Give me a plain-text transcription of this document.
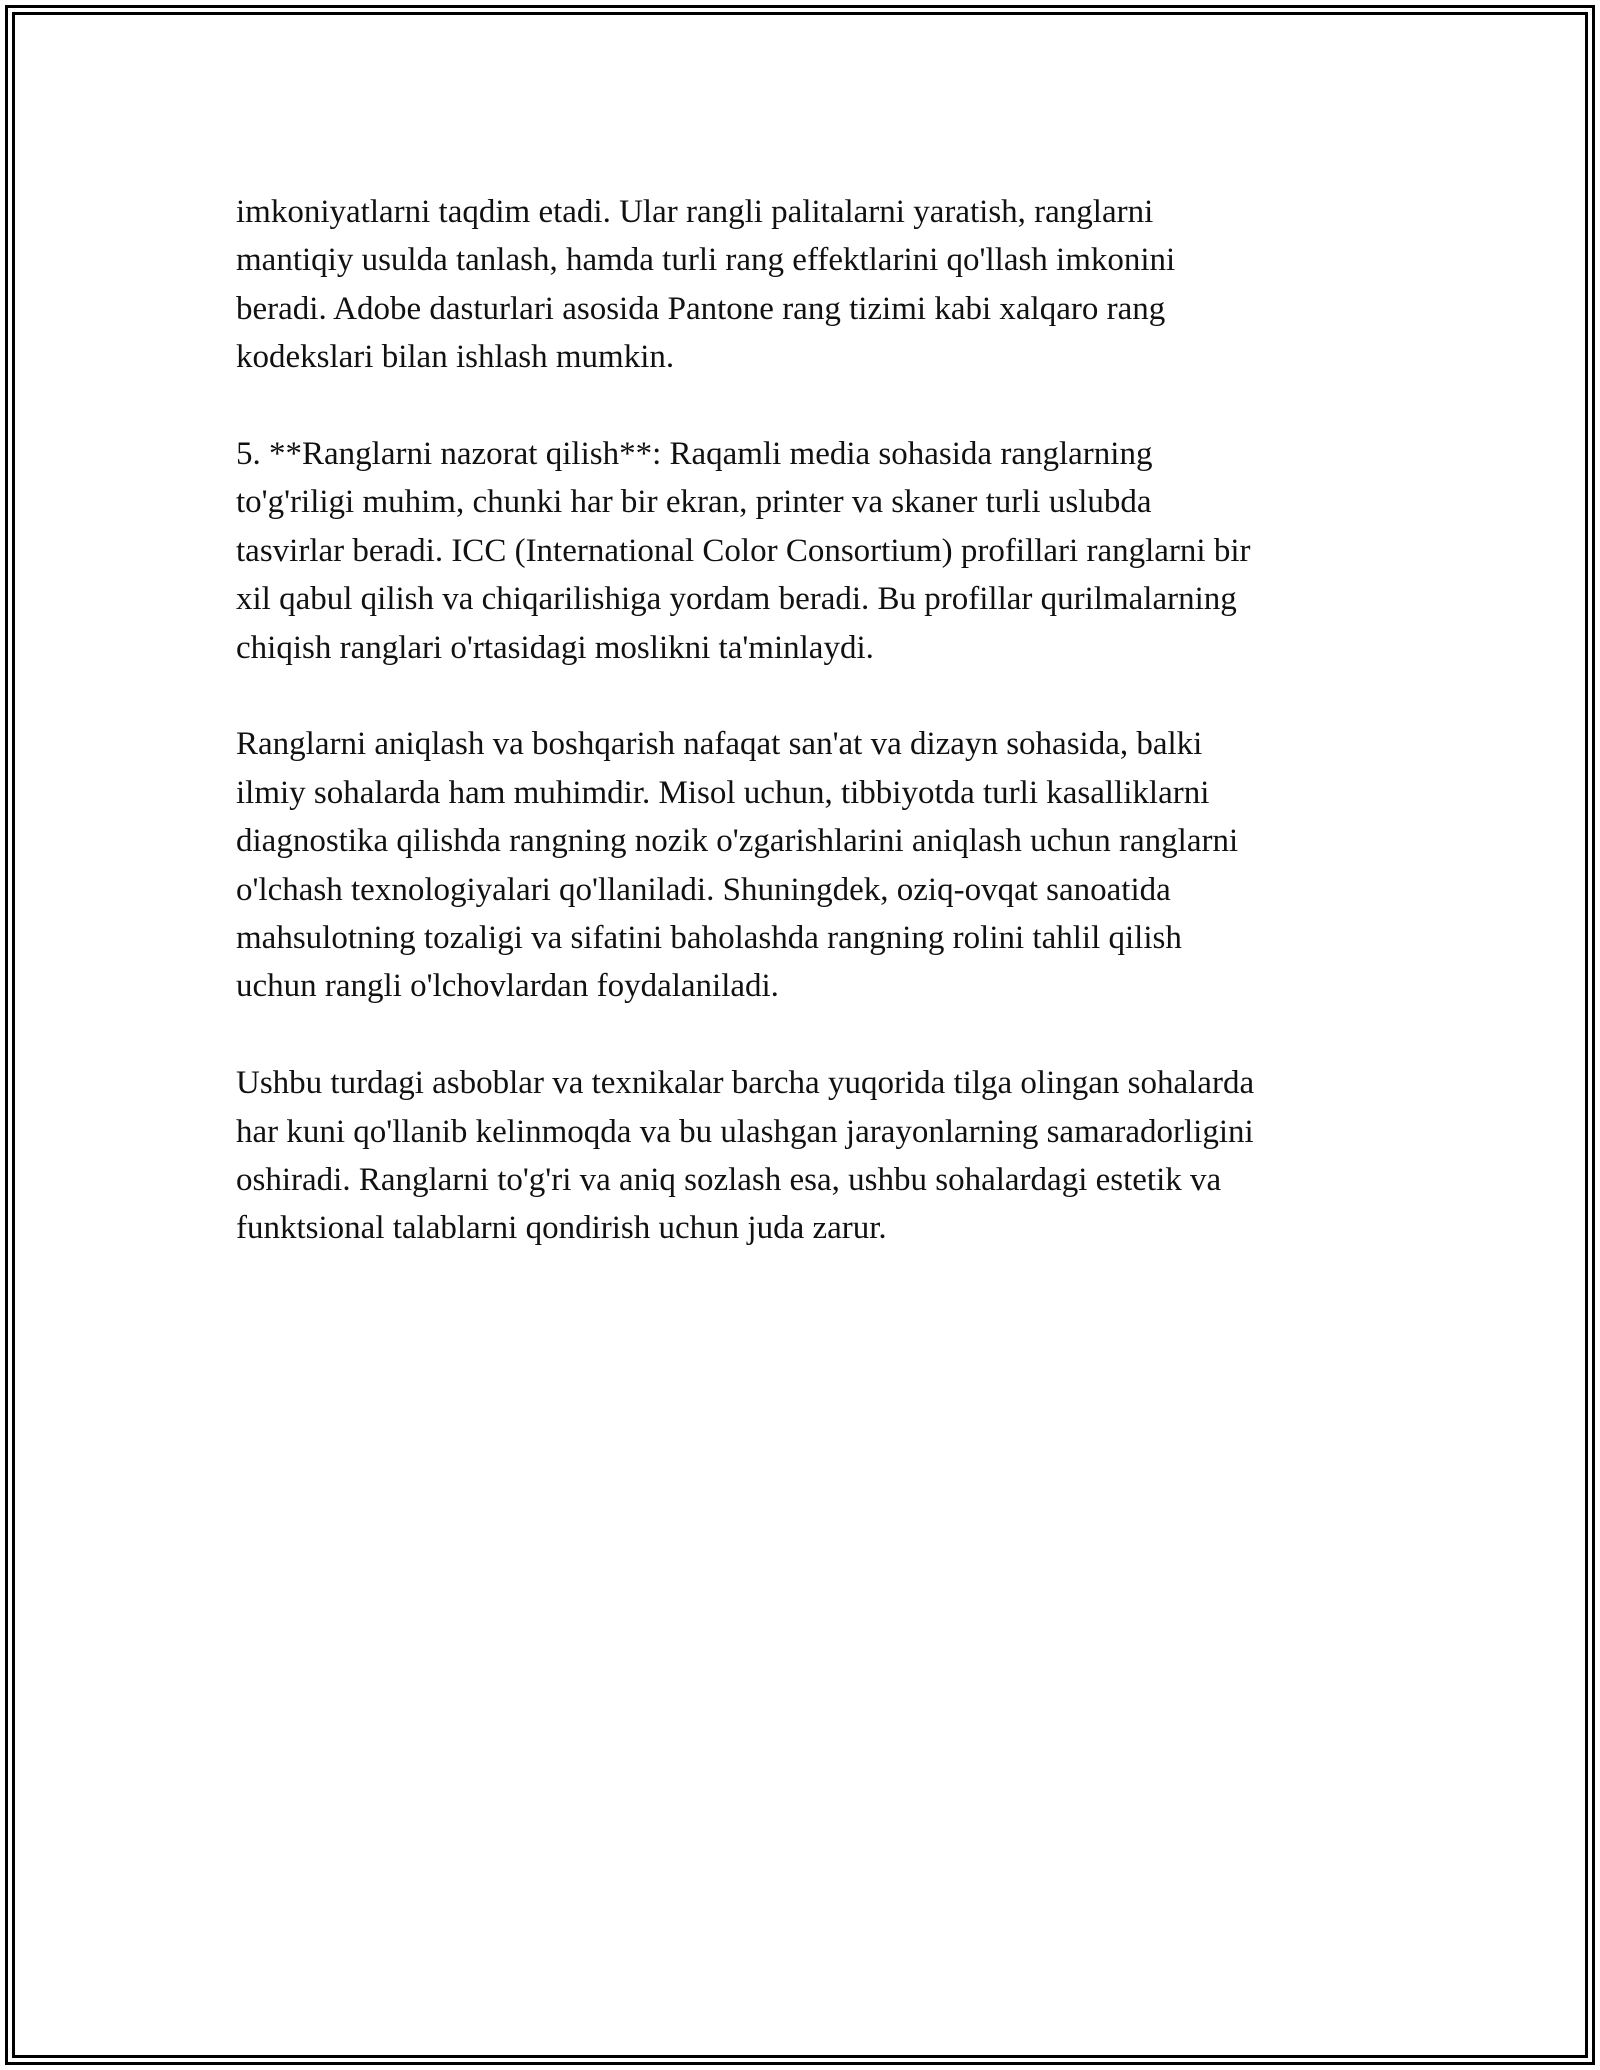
imkoniyatlarni taqdim etadi. Ular rangli palitalarni yaratish, ranglarni
mantiqiy usulda tanlash, hamda turli rang effektlarini qo'llash imkonini
beradi. Adobe dasturlari asosida Pantone rang tizimi kabi xalqaro rang
kodekslari bilan ishlash mumkin.

5. **Ranglarni nazorat qilish**: Raqamli media sohasida ranglarning
to'g'riligi muhim, chunki har bir ekran, printer va skaner turli uslubda
tasvirlar beradi. ICC (International Color Consortium) profillari ranglarni bir
xil qabul qilish va chiqarilishiga yordam beradi. Bu profillar qurilmalarning
chiqish ranglari o'rtasidagi moslikni ta'minlaydi.

Ranglarni aniqlash va boshqarish nafaqat san'at va dizayn sohasida, balki
ilmiy sohalarda ham muhimdir. Misol uchun, tibbiyotda turli kasalliklarni
diagnostika qilishda rangning nozik o'zgarishlarini aniqlash uchun ranglarni
o'lchash texnologiyalari qo'llaniladi. Shuningdek, oziq-ovqat sanoatida
mahsulotning tozaligi va sifatini baholashda rangning rolini tahlil qilish
uchun rangli o'lchovlardan foydalaniladi.

Ushbu turdagi asboblar va texnikalar barcha yuqorida tilga olingan sohalarda
har kuni qo'llanib kelinmoqda va bu ulashgan jarayonlarning samaradorligini
oshiradi. Ranglarni to'g'ri va aniq sozlash esa, ushbu sohalardagi estetik va
funktsional talablarni qondirish uchun juda zarur.
